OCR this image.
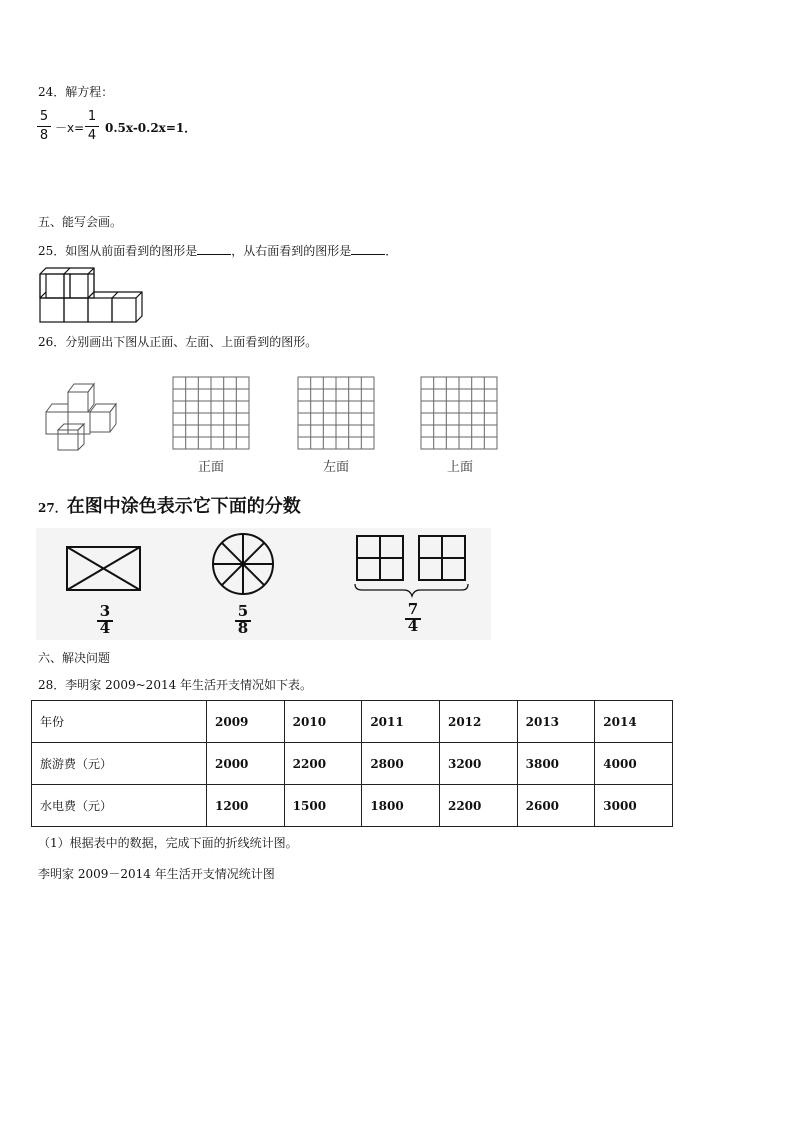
24．解方程：
5
8 －x=
1
4 0.5x-0.2x=1．
五、能写会画。
25．如图从前面看到的图形是	，从右面看到的图形是	．
26．分别画出下图从正面、左面、上面看到的图形。
正面	左面	上面
27．在图中涂色表示它下面的分数
3
4
5
8
7
4
六、解决问题
28．李明家 2009~2014 年生活开支情况如下表。
年份	2009	2010	2011	2012	2013	2014
旅游费（元）	2000	2200	2800	3200	3800	4000
水电费（元）	1200	1500	1800	2200	2600	3000
（1）根据表中的数据，完成下面的折线统计图。
李明家 2009－2014 年生活开支情况统计图
